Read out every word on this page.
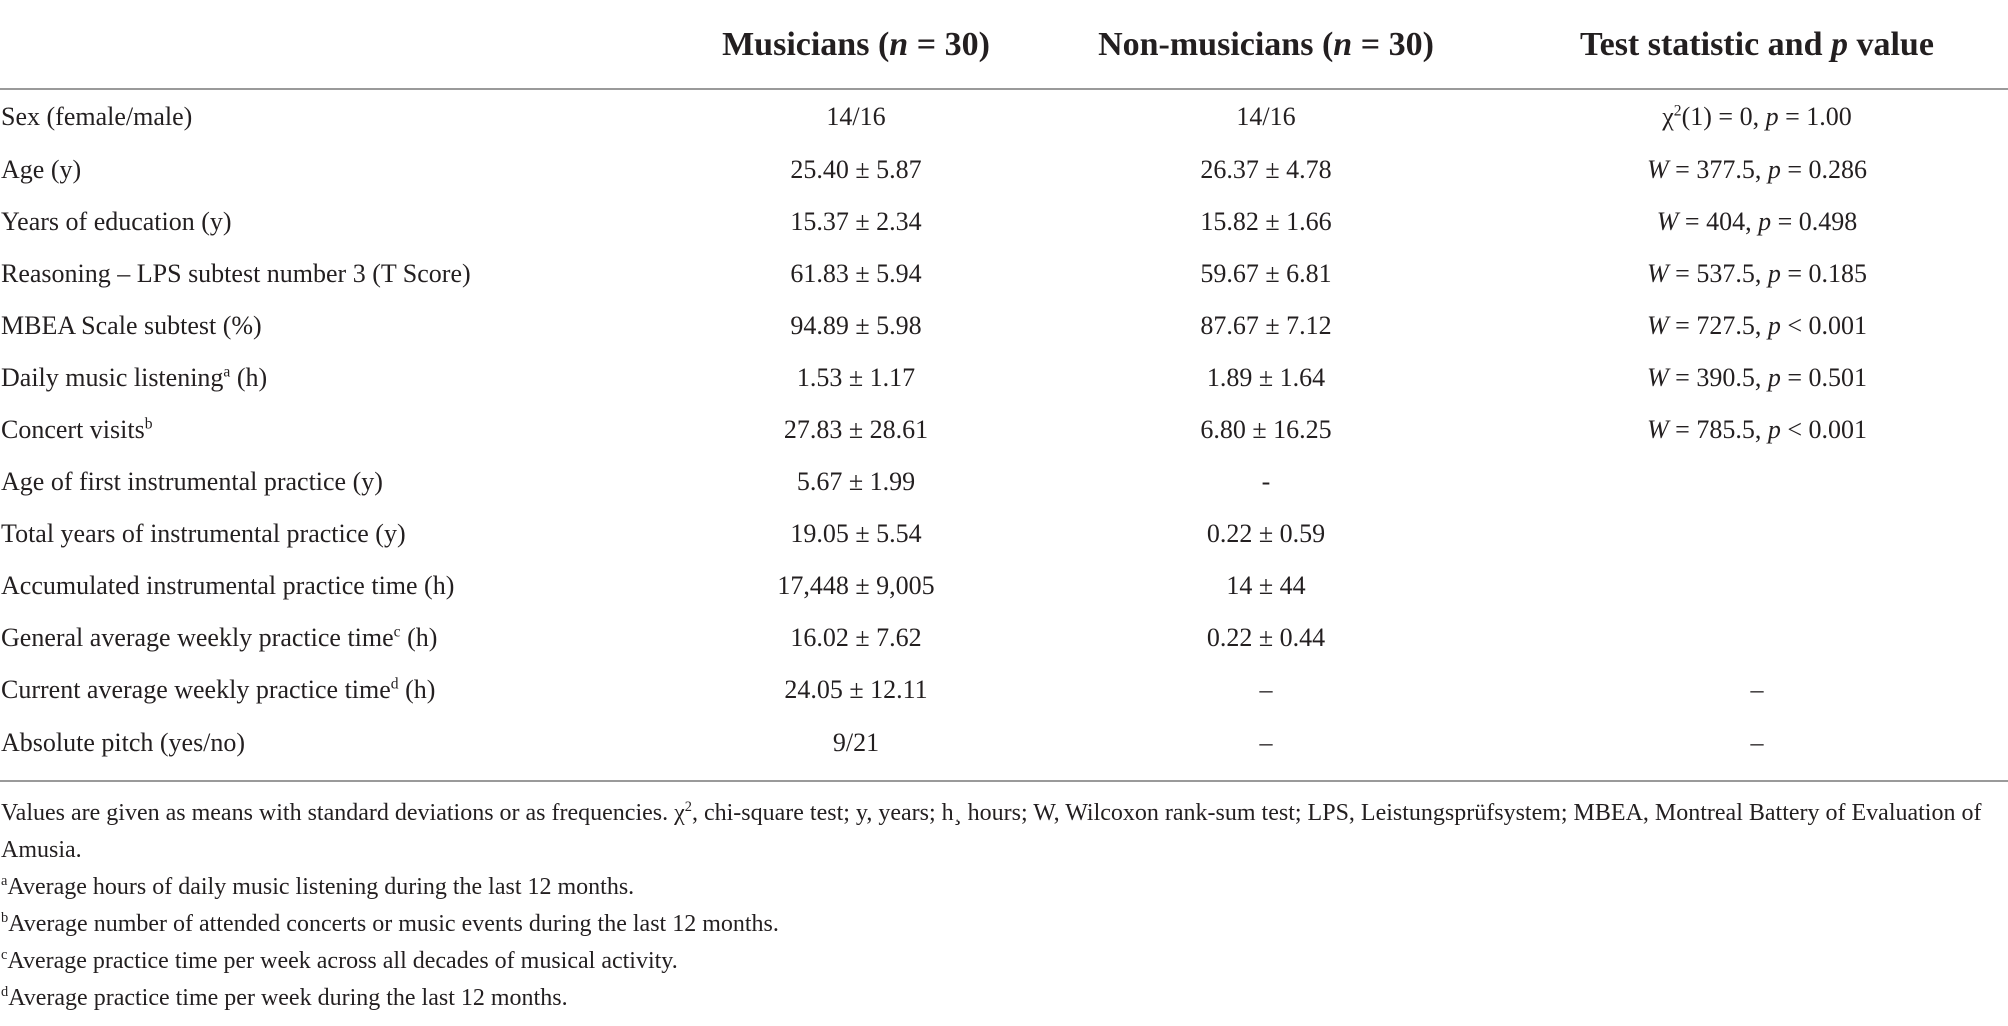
	Musicians (n = 30)	Non-musicians (n = 30)	Test statistic and p value
Sex (female/male)	14/16	14/16	$\chi^2(1) = 0$, p = 1.00
Age (y)	25.40 ± 5.87	26.37 ± 4.78	W = 377.5, p = 0.286
Years of education (y)	15.37 ± 2.34	15.82 ± 1.66	W = 404, p = 0.498
Reasoning – LPS subtest number 3 (T Score)	61.83 ± 5.94	59.67 ± 6.81	W = 537.5, p = 0.185
MBEA Scale subtest (%)	94.89 ± 5.98	87.67 ± 7.12	W = 727.5, p < 0.001
Daily music listening$^a$ (h)	1.53 ± 1.17	1.89 ± 1.64	W = 390.5, p = 0.501
Concert visits$^b$	27.83 ± 28.61	6.80 ± 16.25	W = 785.5, p < 0.001
Age of first instrumental practice (y)	5.67 ± 1.99	-	
Total years of instrumental practice (y)	19.05 ± 5.54	0.22 ± 0.59	
Accumulated instrumental practice time (h)	17,448 ± 9,005	14 ± 44	
General average weekly practice time$^c$ (h)	16.02 ± 7.62	0.22 ± 0.44	
Current average weekly practice time$^d$ (h)	24.05 ± 12.11	–	–
Absolute pitch (yes/no)	9/21	–	–

Values are given as means with standard deviations or as frequencies. $\chi^2$, chi-square test; y, years; h¸ hours; W, Wilcoxon rank-sum test; LPS, Leistungsprüfsystem; MBEA, Montreal Battery of Evaluation of Amusia.

$^a$Average hours of daily music listening during the last 12 months.

$^b$Average number of attended concerts or music events during the last 12 months.

$^c$Average practice time per week across all decades of musical activity.

$^d$Average practice time per week during the last 12 months.
